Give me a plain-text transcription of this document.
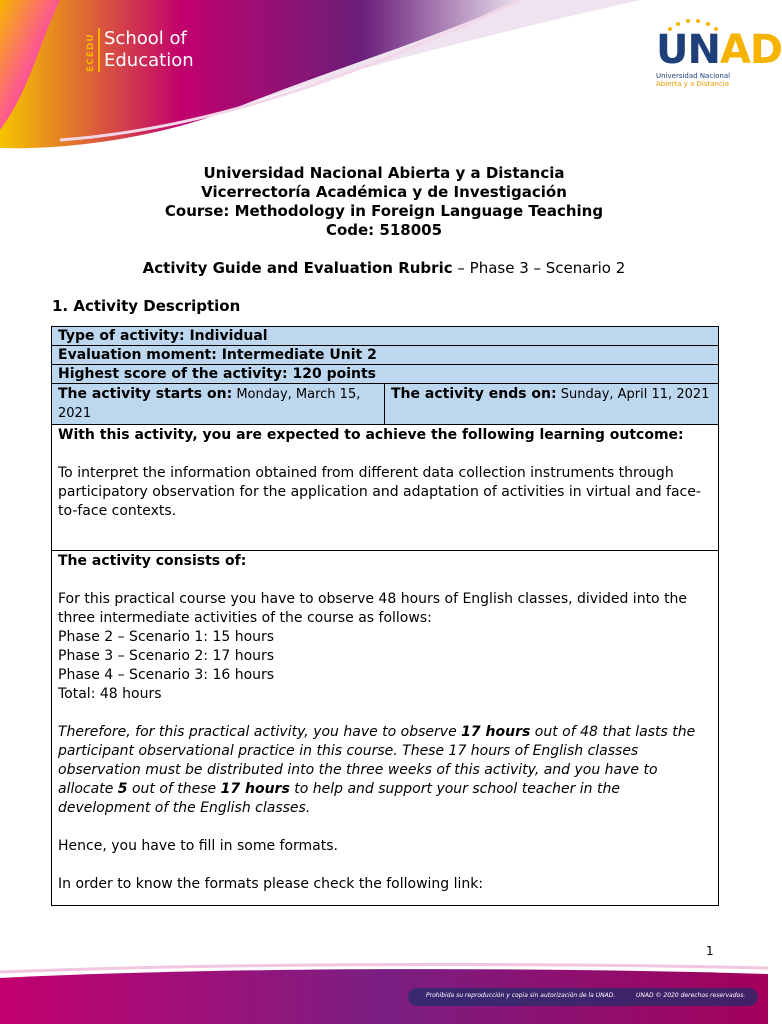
ECEDU School of
Education	UNAD
Universidad Nacional
Abierta y a Distancia
Universidad Nacional Abierta y a Distancia
Vicerrectoría Académica y de Investigación
Course: Methodology in Foreign Language Teaching
Code: 518005
Activity Guide and Evaluation Rubric – Phase 3 – Scenario 2
1. Activity Description
Type of activity: Individual
Evaluation moment: Intermediate Unit 2
Highest score of the activity: 120 points
The activity starts on: Monday, March 15, 2021	The activity ends on: Sunday, April 11, 2021

With this activity, you are expected to achieve the following learning outcome:

To interpret the information obtained from different data collection instruments through participatory observation for the application and adaptation of activities in virtual and face-to-face contexts.

The activity consists of:

For this practical course you have to observe 48 hours of English classes, divided into the three intermediate activities of the course as follows:
Phase 2 – Scenario 1: 15 hours
Phase 3 – Scenario 2: 17 hours
Phase 4 – Scenario 3: 16 hours

Total: 48 hours

Therefore, for this practical activity, you have to observe 17 hours out of 48 that lasts the participant observational practice in this course. These 17 hours of English classes observation must be distributed into the three weeks of this activity, and you have to allocate 5 out of these 17 hours to help and support your school teacher in the development of the English classes.

Hence, you have to fill in some formats.

In order to know the formats please check the following link:
1
Prohibida su reproducción y copia sin autorización de la UNAD.	UNAD © 2020 derechos reservados.
